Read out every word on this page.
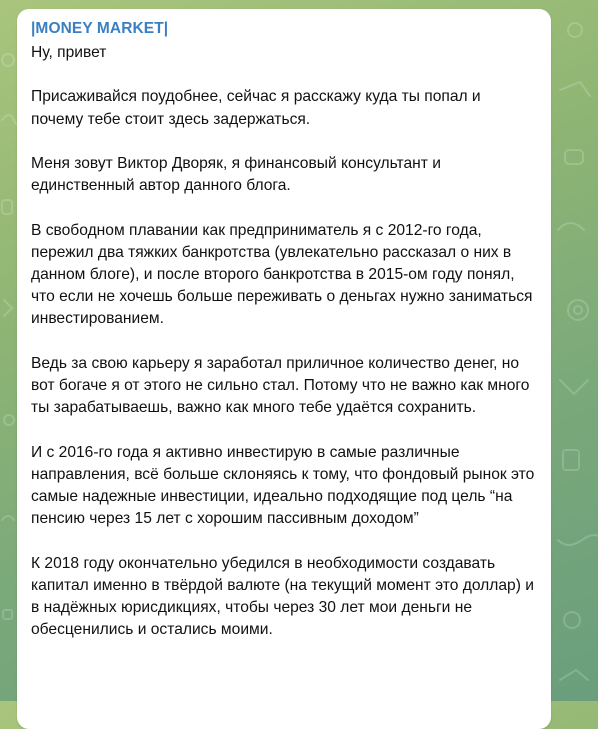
|MONEY MARKET|

Ну, привет

Присаживайся поудобнее, сейчас я расскажу куда ты попал и почему тебе стоит здесь задержаться.

Меня зовут Виктор Дворяк, я финансовый консультант и единственный автор данного блога.

В свободном плавании как предприниматель я с 2012-го года, пережил два тяжких банкротства (увлекательно рассказал о них в данном блоге), и после второго банкротства в 2015-ом году понял, что если не хочешь больше переживать о деньгах нужно заниматься инвестированием.

Ведь за свою карьеру я заработал приличное количество денег, но вот богаче я от этого не сильно стал. Потому что не важно как много ты зарабатываешь, важно как много тебе удаётся сохранить.

И с 2016-го года я активно инвестирую в самые различные направления, всё больше склоняясь к тому, что фондовый рынок это самые надежные инвестиции, идеально подходящие под цель “на пенсию через 15 лет с хорошим пассивным доходом”

К 2018 году окончательно убедился в необходимости создавать капитал именно в твёрдой валюте (на текущий момент это доллар) и в надёжных юрисдикциях, чтобы через 30 лет мои деньги не обесценились и остались моими.
